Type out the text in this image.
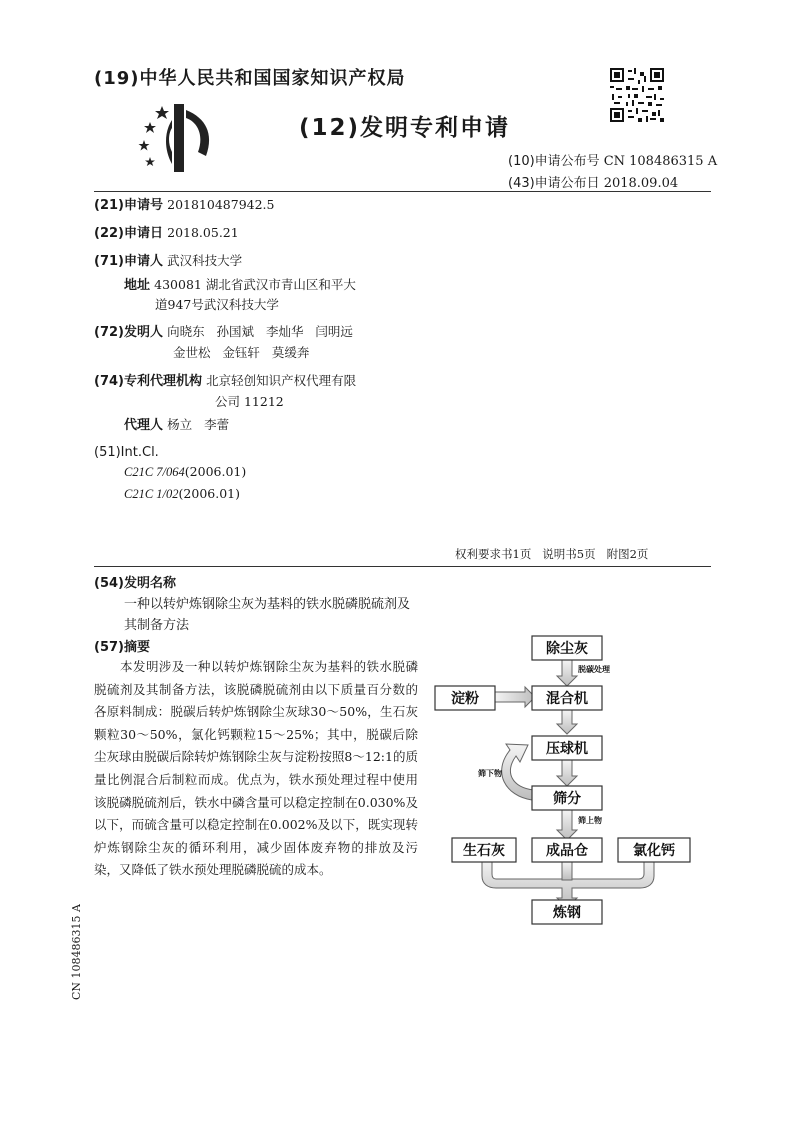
(19)中华人民共和国国家知识产权局
(12)发明专利申请
(10)申请公布号 CN 108486315 A
(43)申请公布日 2018.09.04
(21)申请号 201810487942.5
(22)申请日 2018.05.21
(71)申请人 武汉科技大学
地址 430081 湖北省武汉市青山区和平大
道947号武汉科技大学
(72)发明人 向晓东   孙国斌   李灿华   闫明远
金世松   金钰轩   莫缓奔
(74)专利代理机构 北京轻创知识产权代理有限
公司 11212
代理人 杨立   李蕾
(51)Int.Cl.
C21C 7/064(2006.01)
C21C 1/02(2006.01)
权利要求书1页   说明书5页   附图2页
(54)发明名称
一种以转炉炼钢除尘灰为基料的铁水脱磷脱硫剂及其制备方法
(57)摘要
本发明涉及一种以转炉炼钢除尘灰为基料的铁水脱磷脱硫剂及其制备方法，该脱磷脱硫剂由以下质量百分数的各原料制成：脱碳后转炉炼钢除尘灰球30～50%，生石灰颗粒30～50%，氯化钙颗粒15～25%；其中，脱碳后除尘灰球由脱碳后除转炉炼钢除尘灰与淀粉按照8～12:1的质量比例混合后制粒而成。优点为，铁水预处理过程中使用该脱磷脱硫剂后，铁水中磷含量可以稳定控制在0.030%及以下，而硫含量可以稳定控制在0.002%及以下，既实现转炉炼钢除尘灰的循环利用，减少固体废弃物的排放及污染，又降低了铁水预处理脱磷脱硫的成本。
除尘灰
淀粉	混合机
压球机
筛分
生石灰	成品仓	氯化钙
炼钢
脱碳处理
筛下物
筛上物
CN 108486315 A
